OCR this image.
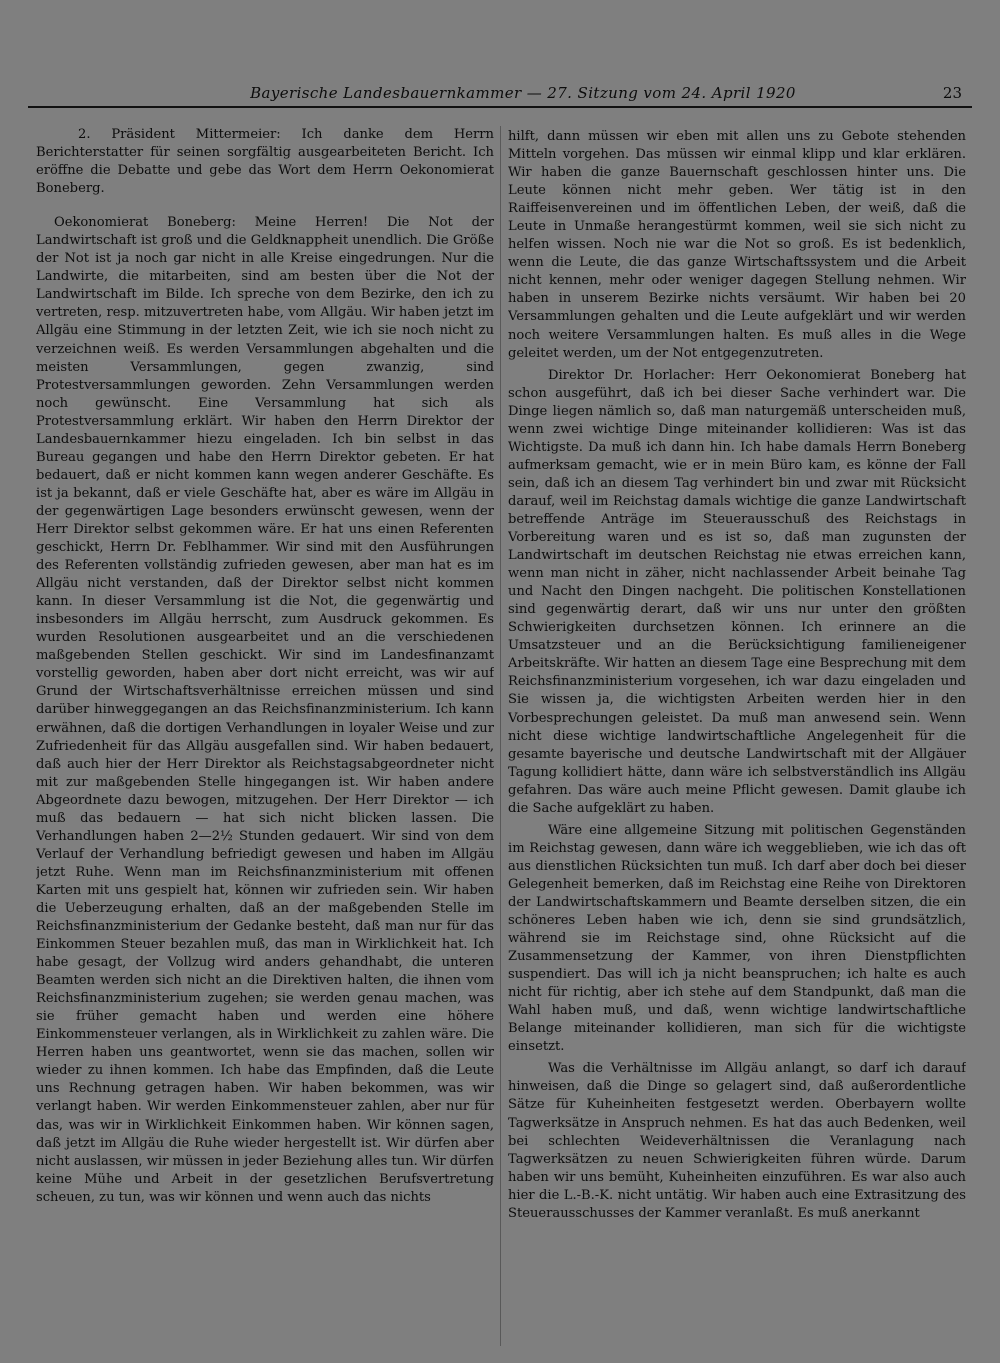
Bayerische Landesbauernkammer — 27. Sitzung vom 24. April 1920	23

2. Präsident Mittermeier: Ich danke dem Herrn Berichterstatter für seinen sorgfältig ausgearbeiteten Bericht. Ich eröffne die Debatte und gebe das Wort dem Herrn Oekonomierat Boneberg.

Oekonomierat Boneberg: Meine Herren! Die Not der Landwirtschaft ist groß und die Geldknappheit unendlich. Die Größe der Not ist ja noch gar nicht in alle Kreise eingedrungen. Nur die Landwirte, die mitarbeiten, sind am besten über die Not der Landwirtschaft im Bilde. Ich spreche von dem Bezirke, den ich zu vertreten, resp. mitzuvertreten habe, vom Allgäu. Wir haben jetzt im Allgäu eine Stimmung in der letzten Zeit, wie ich sie noch nicht zu verzeichnen weiß. Es werden Versammlungen abgehalten und die meisten Versammlungen, gegen zwanzig, sind Protestversammlungen geworden. Zehn Versammlungen werden noch gewünscht. Eine Versammlung hat sich als Protestversammlung erklärt. Wir haben den Herrn Direktor der Landesbauernkammer hiezu eingeladen. Ich bin selbst in das Bureau gegangen und habe den Herrn Direktor gebeten. Er hat bedauert, daß er nicht kommen kann wegen anderer Geschäfte. Es ist ja bekannt, daß er viele Geschäfte hat, aber es wäre im Allgäu in der gegenwärtigen Lage besonders erwünscht gewesen, wenn der Herr Direktor selbst gekommen wäre. Er hat uns einen Referenten geschickt, Herrn Dr. Feblhammer. Wir sind mit den Ausführungen des Referenten vollständig zufrieden gewesen, aber man hat es im Allgäu nicht verstanden, daß der Direktor selbst nicht kommen kann. In dieser Versammlung ist die Not, die gegenwärtig und insbesonders im Allgäu herrscht, zum Ausdruck gekommen. Es wurden Resolutionen ausgearbeitet und an die verschiedenen maßgebenden Stellen geschickt. Wir sind im Landesfinanzamt vorstellig geworden, haben aber dort nicht erreicht, was wir auf Grund der Wirtschaftsverhältnisse erreichen müssen und sind darüber hinweggegangen an das Reichsfinanzministerium. Ich kann erwähnen, daß die dortigen Verhandlungen in loyaler Weise und zur Zufriedenheit für das Allgäu ausgefallen sind. Wir haben bedauert, daß auch hier der Herr Direktor als Reichstagsabgeordneter nicht mit zur maßgebenden Stelle hingegangen ist. Wir haben andere Abgeordnete dazu bewogen, mitzugehen. Der Herr Direktor — ich muß das bedauern — hat sich nicht blicken lassen. Die Verhandlungen haben 2—2½ Stunden gedauert. Wir sind von dem Verlauf der Verhandlung befriedigt gewesen und haben im Allgäu jetzt Ruhe. Wenn man im Reichsfinanzministerium mit offenen Karten mit uns gespielt hat, können wir zufrieden sein. Wir haben die Ueberzeugung erhalten, daß an der maßgebenden Stelle im Reichsfinanzministerium der Gedanke besteht, daß man nur für das Einkommen Steuer bezahlen muß, das man in Wirklichkeit hat. Ich habe gesagt, der Vollzug wird anders gehandhabt, die unteren Beamten werden sich nicht an die Direktiven halten, die ihnen vom Reichsfinanzministerium zugehen; sie werden genau machen, was sie früher gemacht haben und werden eine höhere Einkommensteuer verlangen, als in Wirklichkeit zu zahlen wäre. Die Herren haben uns geantwortet, wenn sie das machen, sollen wir wieder zu ihnen kommen. Ich habe das Empfinden, daß die Leute uns Rechnung getragen haben. Wir haben bekommen, was wir verlangt haben. Wir werden Einkommensteuer zahlen, aber nur für das, was wir in Wirklichkeit Einkommen haben. Wir können sagen, daß jetzt im Allgäu die Ruhe wieder hergestellt ist. Wir dürfen aber nicht auslassen, wir müssen in jeder Beziehung alles tun. Wir dürfen keine Mühe und Arbeit in der gesetzlichen Berufsvertretung scheuen, zu tun, was wir können und wenn auch das nichts

hilft, dann müssen wir eben mit allen uns zu Gebote stehenden Mitteln vorgehen. Das müssen wir einmal klipp und klar erklären. Wir haben die ganze Bauernschaft geschlossen hinter uns. Die Leute können nicht mehr geben. Wer tätig ist in den Raiffeisenvereinen und im öffentlichen Leben, der weiß, daß die Leute in Unmaße herangestürmt kommen, weil sie sich nicht zu helfen wissen. Noch nie war die Not so groß. Es ist bedenklich, wenn die Leute, die das ganze Wirtschaftssystem und die Arbeit nicht kennen, mehr oder weniger dagegen Stellung nehmen. Wir haben in unserem Bezirke nichts versäumt. Wir haben bei 20 Versammlungen gehalten und die Leute aufgeklärt und wir werden noch weitere Versammlungen halten. Es muß alles in die Wege geleitet werden, um der Not entgegenzutreten.

Direktor Dr. Horlacher: Herr Oekonomierat Boneberg hat schon ausgeführt, daß ich bei dieser Sache verhindert war. Die Dinge liegen nämlich so, daß man naturgemäß unterscheiden muß, wenn zwei wichtige Dinge miteinander kollidieren: Was ist das Wichtigste. Da muß ich dann hin. Ich habe damals Herrn Boneberg aufmerksam gemacht, wie er in mein Büro kam, es könne der Fall sein, daß ich an diesem Tag verhindert bin und zwar mit Rücksicht darauf, weil im Reichstag damals wichtige die ganze Landwirtschaft betreffende Anträge im Steuerausschuß des Reichstags in Vorbereitung waren und es ist so, daß man zugunsten der Landwirtschaft im deutschen Reichstag nie etwas erreichen kann, wenn man nicht in zäher, nicht nachlassender Arbeit beinahe Tag und Nacht den Dingen nachgeht. Die politischen Konstellationen sind gegenwärtig derart, daß wir uns nur unter den größten Schwierigkeiten durchsetzen können. Ich erinnere an die Umsatzsteuer und an die Berücksichtigung familieneigener Arbeitskräfte. Wir hatten an diesem Tage eine Besprechung mit dem Reichsfinanzministerium vorgesehen, ich war dazu eingeladen und Sie wissen ja, die wichtigsten Arbeiten werden hier in den Vorbesprechungen geleistet. Da muß man anwesend sein. Wenn nicht diese wichtige landwirtschaftliche Angelegenheit für die gesamte bayerische und deutsche Landwirtschaft mit der Allgäuer Tagung kollidiert hätte, dann wäre ich selbstverständlich ins Allgäu gefahren. Das wäre auch meine Pflicht gewesen. Damit glaube ich die Sache aufgeklärt zu haben.

Wäre eine allgemeine Sitzung mit politischen Gegenständen im Reichstag gewesen, dann wäre ich weggeblieben, wie ich das oft aus dienstlichen Rücksichten tun muß. Ich darf aber doch bei dieser Gelegenheit bemerken, daß im Reichstag eine Reihe von Direktoren der Landwirtschaftskammern und Beamte derselben sitzen, die ein schöneres Leben haben wie ich, denn sie sind grundsätzlich, während sie im Reichstage sind, ohne Rücksicht auf die Zusammensetzung der Kammer, von ihren Dienstpflichten suspendiert. Das will ich ja nicht beanspruchen; ich halte es auch nicht für richtig, aber ich stehe auf dem Standpunkt, daß man die Wahl haben muß, und daß, wenn wichtige landwirtschaftliche Belange miteinander kollidieren, man sich für die wichtigste einsetzt.

Was die Verhältnisse im Allgäu anlangt, so darf ich darauf hinweisen, daß die Dinge so gelagert sind, daß außerordentliche Sätze für Kuheinheiten festgesetzt werden. Oberbayern wollte Tagwerksätze in Anspruch nehmen. Es hat das auch Bedenken, weil bei schlechten Weideverhältnissen die Veranlagung nach Tagwerksätzen zu neuen Schwierigkeiten führen würde. Darum haben wir uns bemüht, Kuheinheiten einzuführen. Es war also auch hier die L.-B.-K. nicht untätig. Wir haben auch eine Extrasitzung des Steuerausschusses der Kammer veranlaßt. Es muß anerkannt
